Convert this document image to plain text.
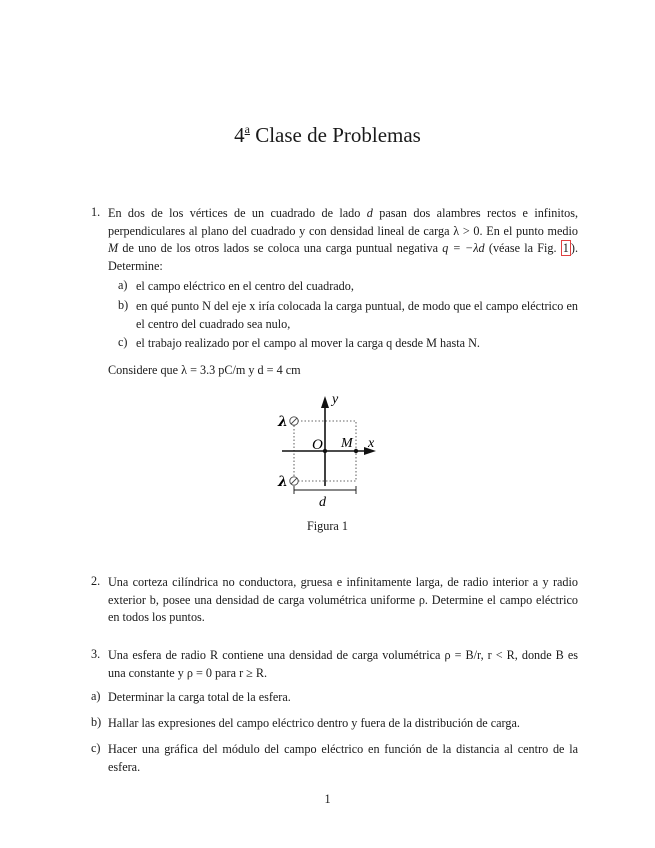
4$^a$ Clase de Problemas
1. En dos de los vértices de un cuadrado de lado d pasan dos alambres rectos e infinitos, perpendiculares al plano del cuadrado y con densidad lineal de carga λ > 0. En el punto medio M de uno de los otros lados se coloca una carga puntual negativa q = −λd (véase la Fig. 1 ). Determine:
a) el campo eléctrico en el centro del cuadrado,
b) en qué punto N del eje x iría colocada la carga puntual, de modo que el campo eléctrico en el centro del cuadrado sea nulo,
c) el trabajo realizado por el campo al mover la carga q desde M hasta N.
Considere que λ = 3.3 pC/m y d = 4 cm
y
x
O M
λ
λ
d
Figura 1
2. Una corteza cilíndrica no conductora, gruesa e infinitamente larga, de radio interior a y radio exterior b, posee una densidad de carga volumétrica uniforme ρ. Determine el campo eléctrico en todos los puntos.
3. Una esfera de radio R contiene una densidad de carga volumétrica ρ = B/r, r < R, donde B es una constante y ρ = 0 para r ≥ R.
a) Determinar la carga total de la esfera.
b) Hallar las expresiones del campo eléctrico dentro y fuera de la distribución de carga.
c) Hacer una gráfica del módulo del campo eléctrico en función de la distancia al centro de la esfera.
1
